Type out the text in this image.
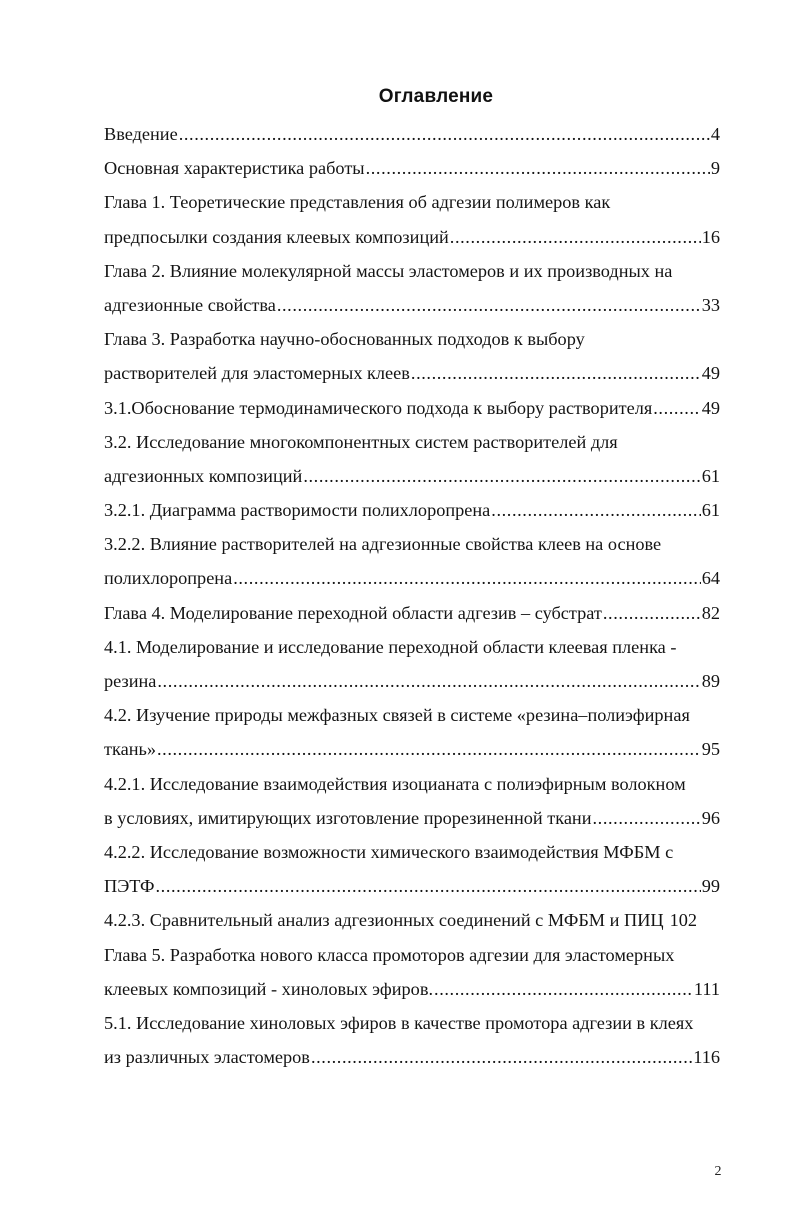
Оглавление
Введение .....	4
Основная характеристика работы .....	9
Глава 1. Теоретические представления об адгезии полимеров как
предпосылки создания клеевых композиций .....	16
Глава 2. Влияние молекулярной массы эластомеров и их производных на
адгезионные свойства .....	33
Глава 3. Разработка научно-обоснованных подходов к выбору
растворителей для эластомерных клеев .....	49
3.1.Обоснование термодинамического подхода к выбору растворителя .....	49
3.2. Исследование многокомпонентных систем растворителей для
адгезионных композиций .....	61
3.2.1. Диаграмма растворимости полихлоропрена .....	61
3.2.2. Влияние растворителей на адгезионные свойства клеев на основе
полихлоропрена .....	64
Глава 4. Моделирование переходной области адгезив – субстрат .....	82
4.1. Моделирование и исследование переходной области клеевая пленка -
резина .....	89
4.2. Изучение природы межфазных связей в системе «резина–полиэфирная
ткань» .....	95
4.2.1. Исследование взаимодействия изоцианата с полиэфирным волокном
в условиях, имитирующих изготовление прорезиненной ткани .....	96
4.2.2. Исследование возможности химического взаимодействия МФБМ с
ПЭТФ .....	99
4.2.3. Сравнительный анализ адгезионных соединений с МФБМ и ПИЦ 102
Глава 5. Разработка нового класса промоторов адгезии для эластомерных
клеевых композиций - хиноловых эфиров. .....	111
5.1. Исследование хиноловых эфиров в качестве промотора адгезии в клеях
из различных эластомеров .....	116
2
